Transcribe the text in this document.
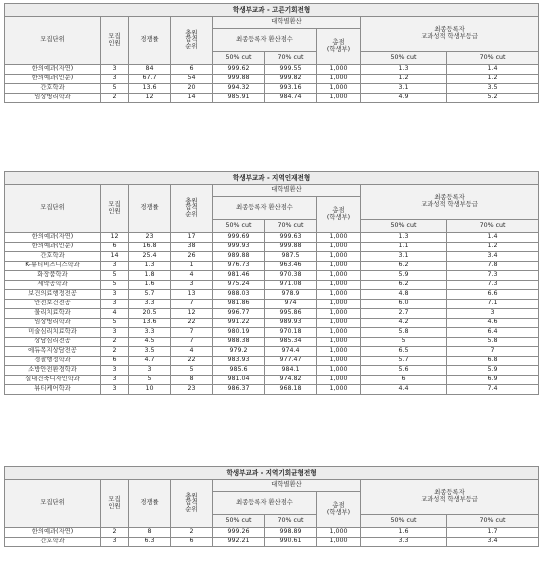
학생부교과 - 고른기회전형								
모집단위	모집
인원	경쟁률	충원
합격
순위	대학별환산			최종등록자
교과성적 학생부등급	

				최종등록자 환산점수		총점
(학생부)		

				50% cut	70% cut		50% cut	70% cut
한의예과(자연)	3	84	6	999.62	999.55	1,000	1.3	1.4
한의예과(인문)	3	67.7	54	999.88	999.82	1,000	1.2	1.2
간호학과	5	13.6	20	994.32	993.16	1,000	3.1	3.5
임상병리학과	2	12	14	985.91	984.74	1,000	4.9	5.2
학생부교과 - 지역인재전형								
모집단위	모집
인원	경쟁률	충원
합격
순위	대학별환산			최종등록자
교과성적 학생부등급	

				최종등록자 환산점수		총점
(학생부)		

				50% cut	70% cut		50% cut	70% cut
한의예과(자연)	12	23	17	999.69	999.63	1,000	1.3	1.4
한의예과(인문)	6	16.8	38	999.93	999.88	1,000	1.1	1.2
간호학과	14	25.4	26	989.88	987.5	1,000	3.1	3.4
K-뷰티비즈니스학과	3	1.3	1	976.73	963.46	1,000	6.2	7.8
화장품학과	5	1.8	4	981.46	970.38	1,000	5.9	7.3
제약공학과	5	1.6	3	975.24	971.08	1,000	6.2	7.3
보건의료행정전공	3	5.7	13	988.03	978.9	1,000	4.8	6.6
안전보건전공	3	3.3	7	981.86	974	1,000	6.0	7.1
물리치료학과	4	20.5	12	996.77	995.86	1,000	2.7	3
임상병리학과	5	13.6	22	991.22	989.93	1,000	4.2	4.6
미술심리치료학과	3	3.3	7	980.19	970.18	1,000	5.8	6.4
상담심리전공	2	4.5	7	988.38	985.34	1,000	5	5.8
에듀복지상담전공	2	3.5	4	979.2	974.4	1,000	6.5	7
경찰행정학과	6	4.7	22	983.93	977.47	1,000	5.7	6.8
소방안전환경학과	3	3	5	985.6	984.1	1,000	5.6	5.9
실내건축디자인학과	3	5	8	981.04	974.82	1,000	6	6.9
뷰티케어학과	3	10	23	986.37	968.18	1,000	4.4	7.4
학생부교과 - 지역기회균형전형								
모집단위	모집
인원	경쟁률	충원
합격
순위	대학별환산			최종등록자
교과성적 학생부등급	

				최종등록자 환산점수		총점
(학생부)		

				50% cut	70% cut		50% cut	70% cut
한의예과(자연)	2	8	2	999.26	998.89	1,000	1.6	1.7
간호학과	3	6.3	6	992.21	990.61	1,000	3.3	3.4
